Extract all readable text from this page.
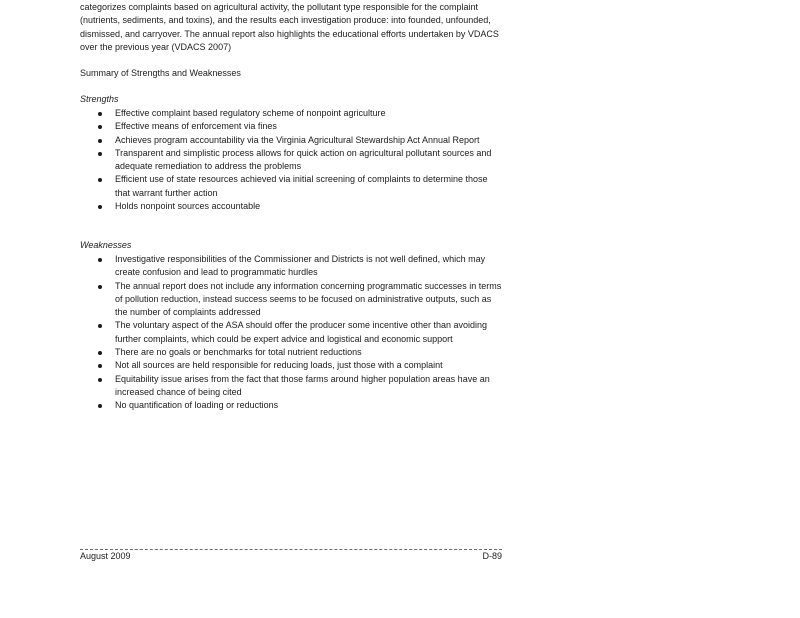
categorizes complaints based on agricultural activity, the pollutant type responsible for the complaint (nutrients, sediments, and toxins), and the results each investigation produce: into founded, unfounded, dismissed, and carryover. The annual report also highlights the educational efforts undertaken by VDACS over the previous year (VDACS 2007)

Summary of Strengths and Weaknesses
Strengths
Effective complaint based regulatory scheme of nonpoint agriculture
Effective means of enforcement via fines
Achieves program accountability via the Virginia Agricultural Stewardship Act Annual Report
Transparent and simplistic process allows for quick action on agricultural pollutant sources and adequate remediation to address the problems
Efficient use of state resources achieved via initial screening of complaints to determine those that warrant further action
Holds nonpoint sources accountable
Weaknesses
Investigative responsibilities of the Commissioner and Districts is not well defined, which may create confusion and lead to programmatic hurdles
The annual report does not include any information concerning programmatic successes in terms of pollution reduction, instead success seems to be focused on administrative outputs, such as the number of complaints addressed
The voluntary aspect of the ASA should offer the producer some incentive other than avoiding further complaints, which could be expert advice and logistical and economic support
There are no goals or benchmarks for total nutrient reductions
Not all sources are held responsible for reducing loads, just those with a complaint
Equitability issue arises from the fact that those farms around higher population areas have an increased chance of being cited
No quantification of loading or reductions

August 2009	D-89
